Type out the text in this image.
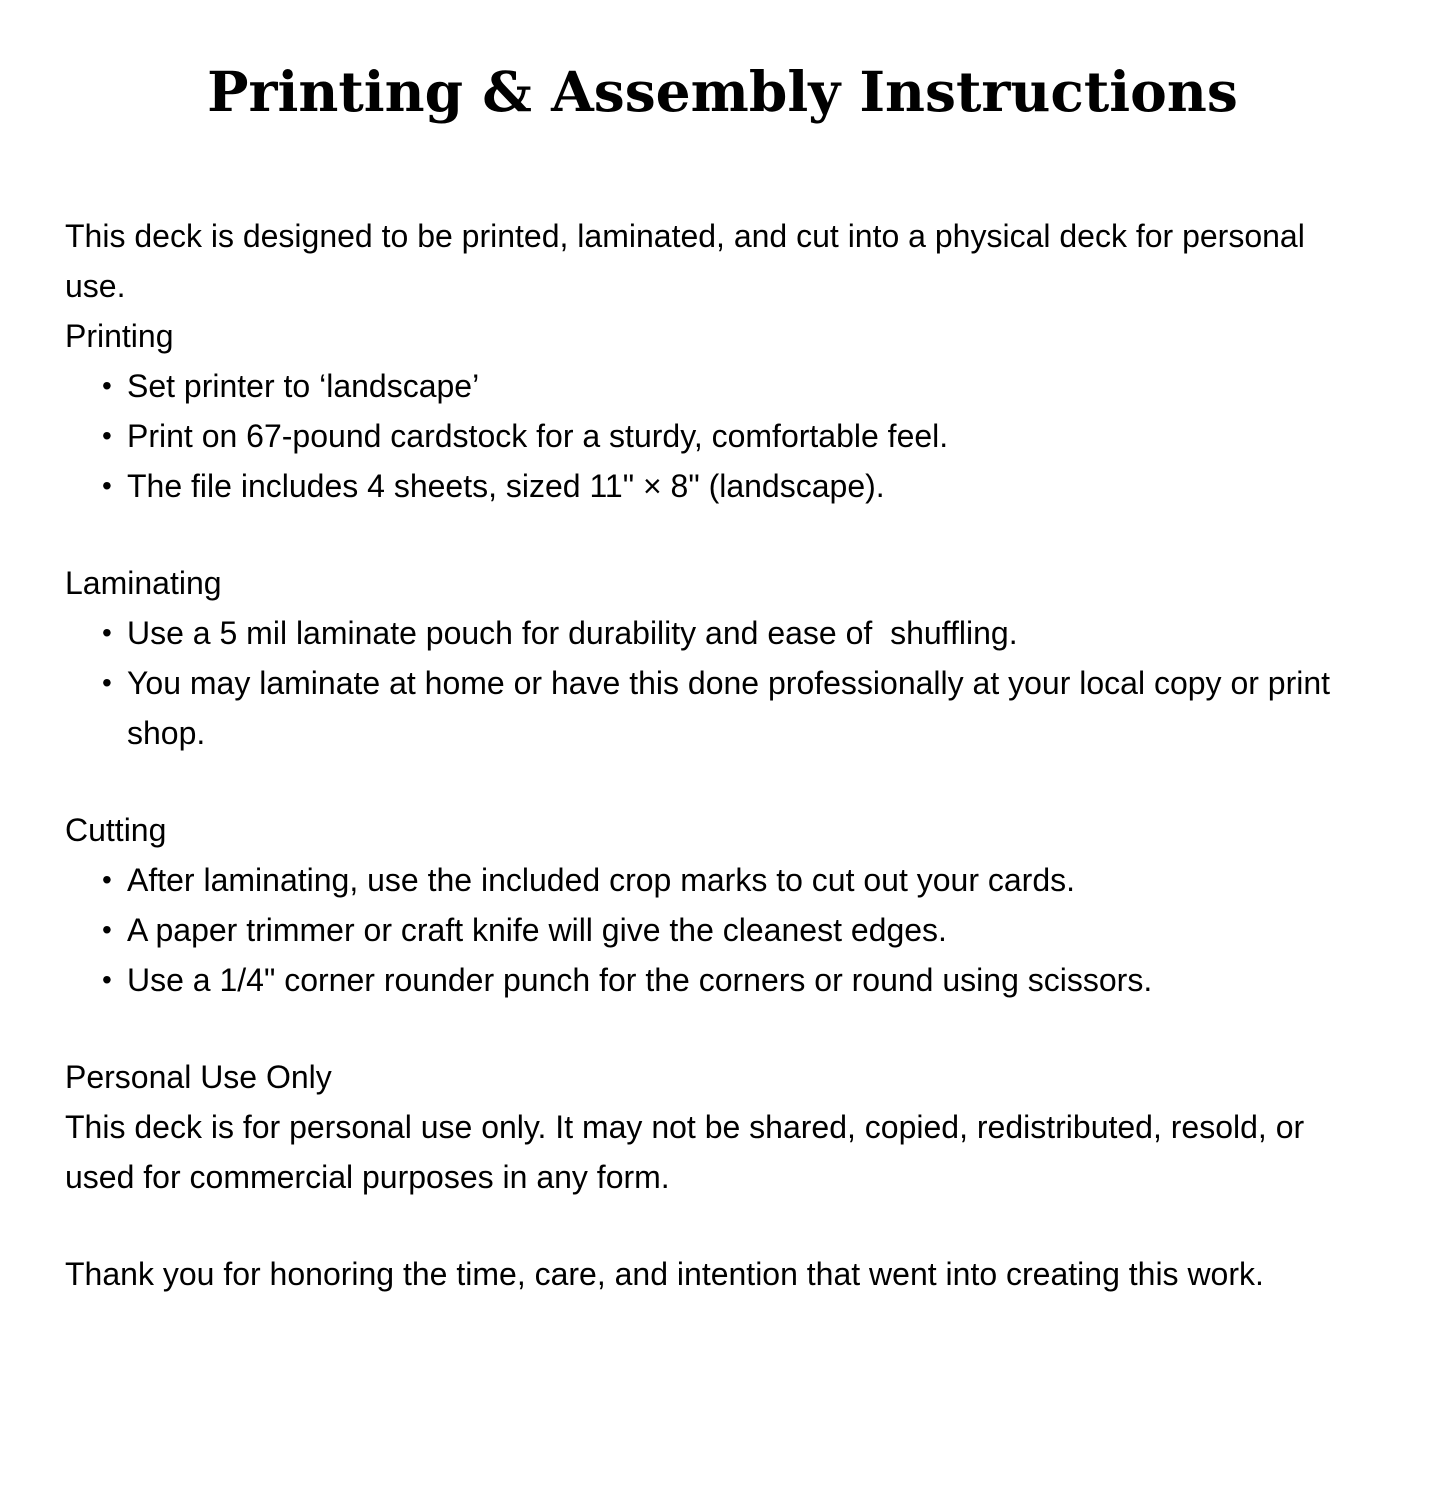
Printing & Assembly Instructions

This deck is designed to be printed, laminated, and cut into a physical deck for personal use.

Printing

• Set printer to ‘landscape’
• Print on 67-pound cardstock for a sturdy, comfortable feel.
• The file includes 4 sheets, sized 11" × 8" (landscape).

Laminating

• Use a 5 mil laminate pouch for durability and ease of  shuffling.
• You may laminate at home or have this done professionally at your local copy or print shop.

Cutting

• After laminating, use the included crop marks to cut out your cards.
• A paper trimmer or craft knife will give the cleanest edges.
• Use a 1/4" corner rounder punch for the corners or round using scissors.

Personal Use Only

This deck is for personal use only. It may not be shared, copied, redistributed, resold, or used for commercial purposes in any form.

Thank you for honoring the time, care, and intention that went into creating this work.
